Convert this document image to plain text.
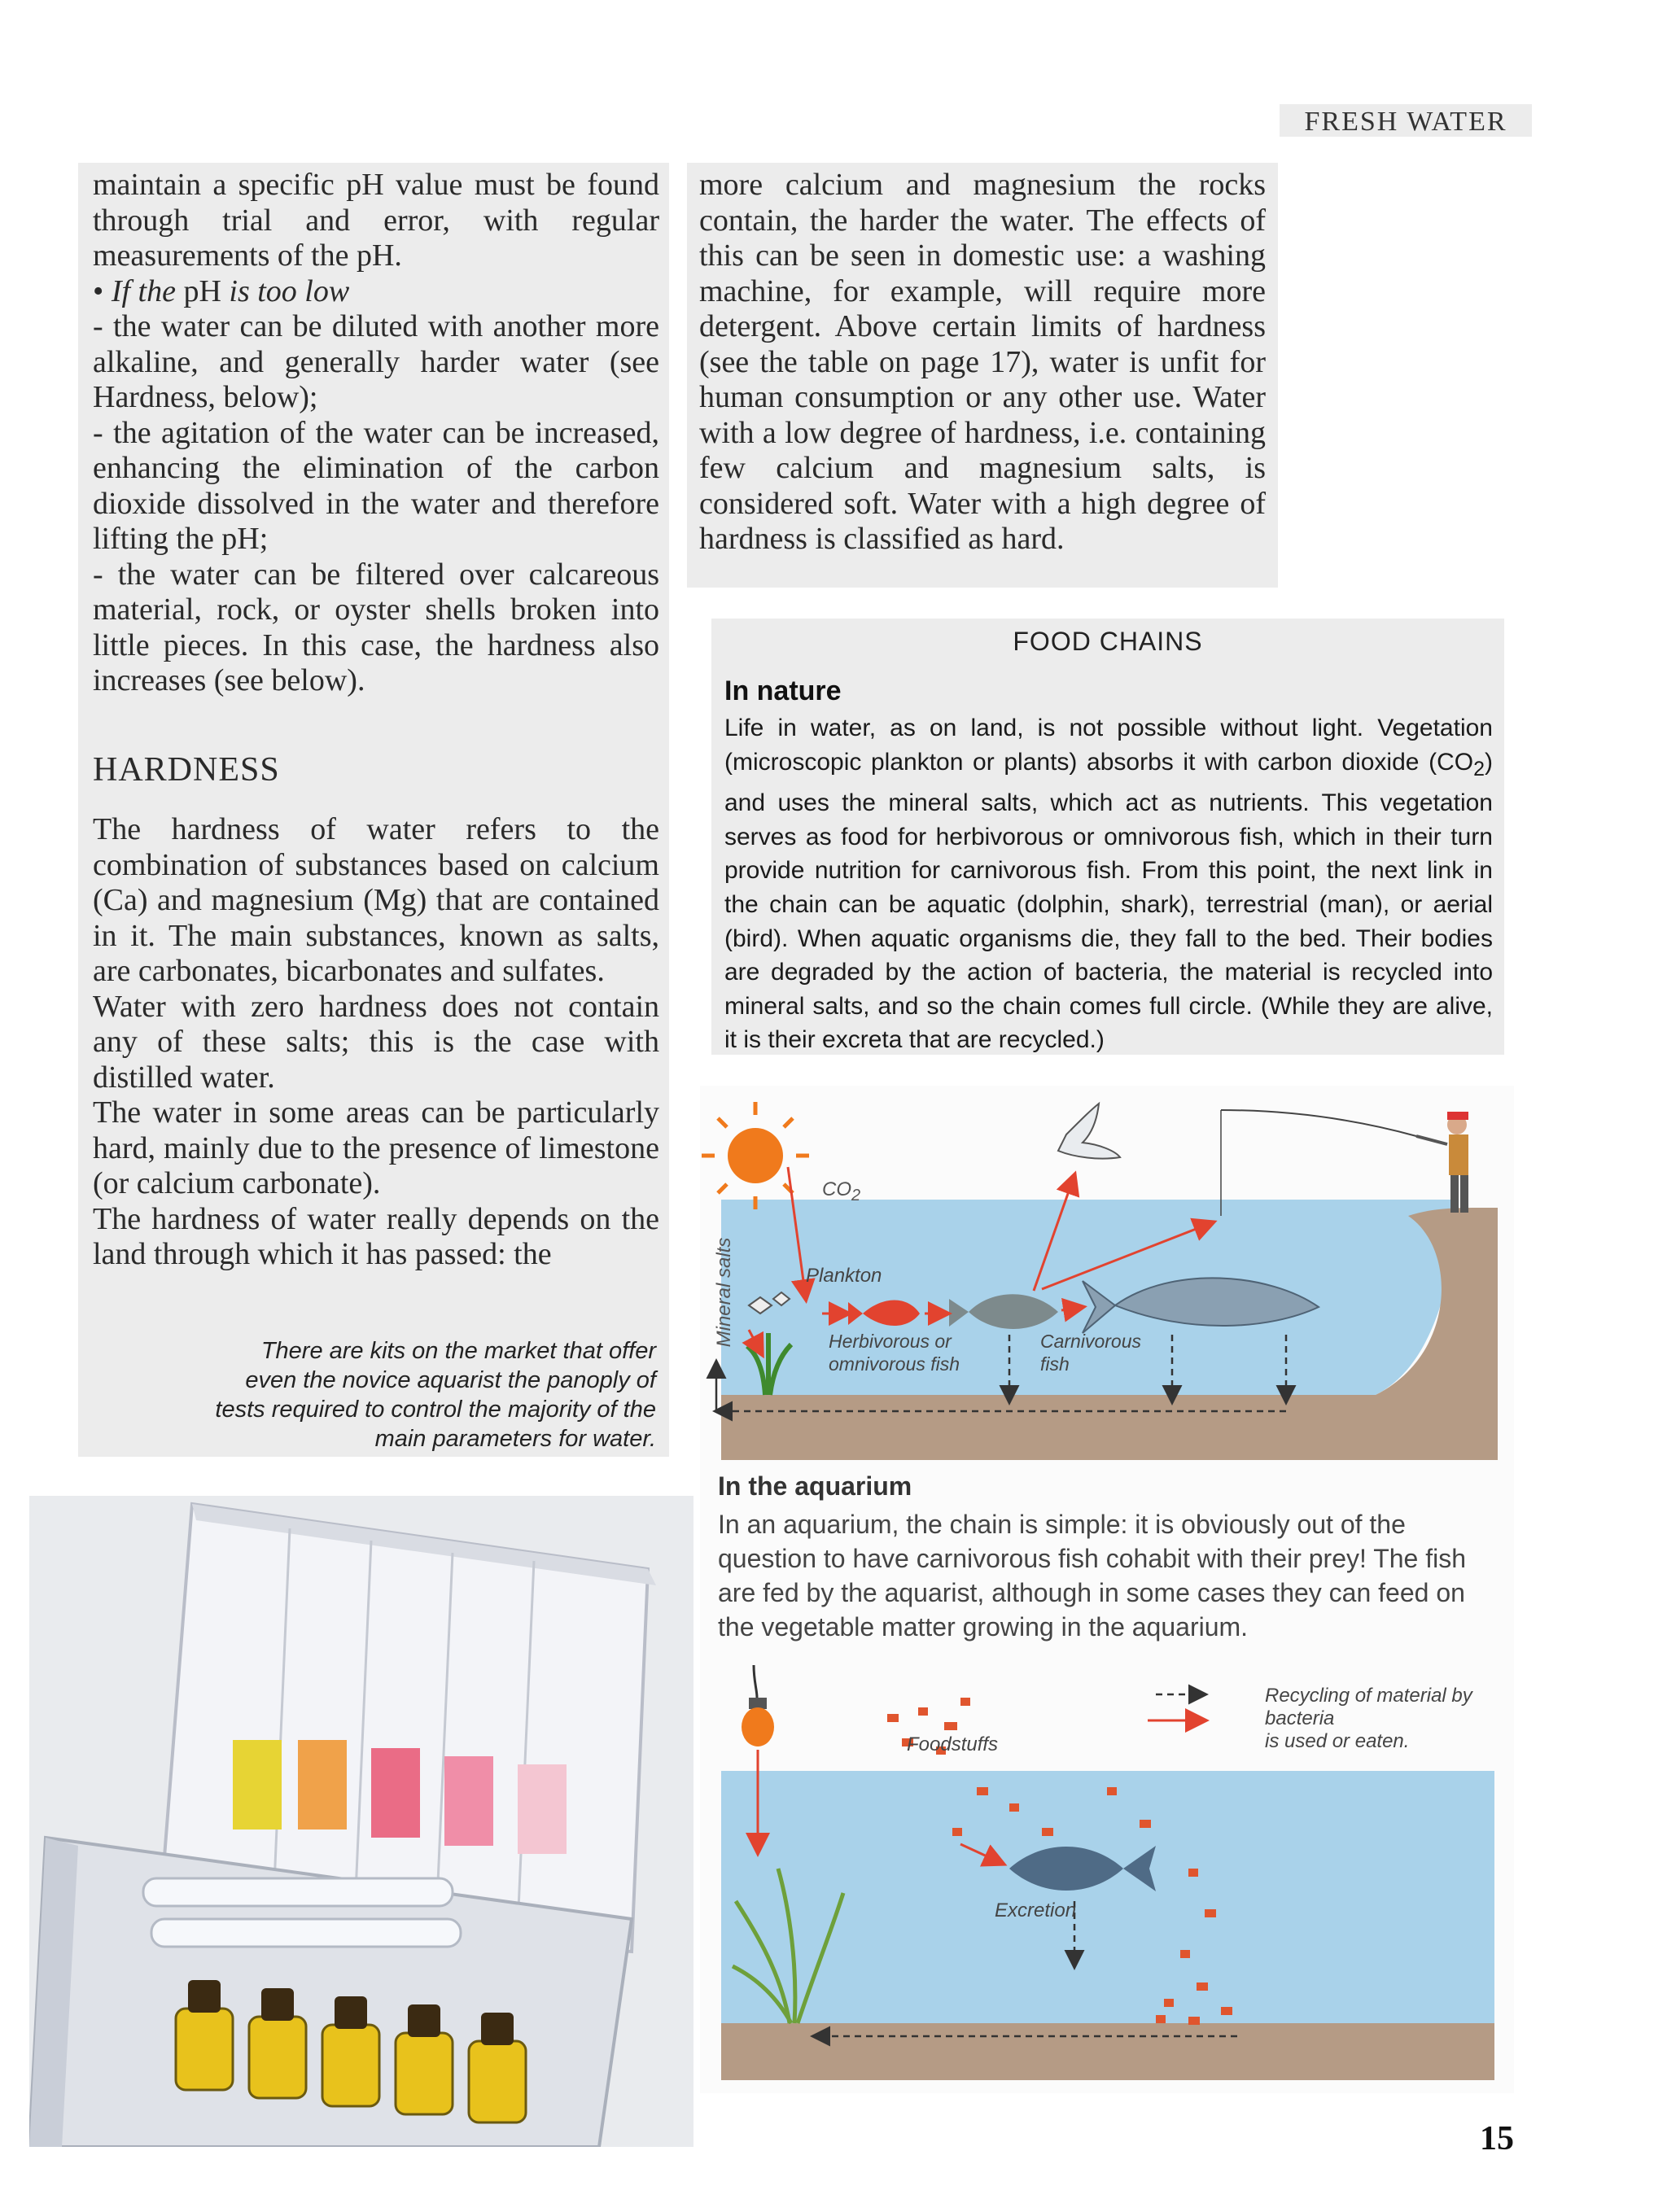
FRESH WATER

maintain a specific pH value must be found through trial and error, with regular measurements of the pH.

• If the pH is too low

- the water can be diluted with another more alkaline, and generally harder water (see Hardness, below);

- the agitation of the water can be increased, enhancing the elimination of the carbon dioxide dissolved in the water and therefore lifting the pH;

- the water can be filtered over calcareous material, rock, or oyster shells broken into little pieces. In this case, the hardness also increases (see below).

HARDNESS

The hardness of water refers to the combination of substances based on calcium (Ca) and magnesium (Mg) that are contained in it. The main substances, known as salts, are carbonates, bicarbonates and sulfates.

Water with zero hardness does not contain any of these salts; this is the case with distilled water.

The water in some areas can be particularly hard, mainly due to the presence of limestone (or calcium carbonate).

The hardness of water really depends on the land through which it has passed: the

There are kits on the market that offer even the novice aquarist the panoply of tests required to control the majority of the main parameters for water.
more calcium and magnesium the rocks contain, the harder the water. The effects of this can be seen in domestic use: a washing machine, for example, will require more detergent. Above certain limits of hardness (see the table on page 17), water is unfit for human consumption or any other use. Water with a low degree of hardness, i.e. containing few calcium and magnesium salts, is considered soft. Water with a high degree of hardness is classified as hard.
FOOD CHAINS
In nature
Life in water, as on land, is not possible without light. Vegetation (microscopic plankton or plants) absorbs it with carbon dioxide $(CO_2)$ and uses the mineral salts, which act as nutrients. This vegetation serves as food for herbivorous or omnivorous fish, which in their turn provide nutrition for carnivorous fish. From this point, the next link in the chain can be aquatic (dolphin, shark), terrestrial (man), or aerial (bird). When aquatic organisms die, they fall to the bed. Their bodies are degraded by the action of bacteria, the material is recycled into mineral salts, and so the chain comes full circle. (While they are alive, it is their excreta that are recycled.)
$CO_2$
Mineral salts	Plankton
Herbivorous or
omnivorous fish
Carnivorous
fish
In the aquarium
In an aquarium, the chain is simple: it is obviously out of the question to have carnivorous fish cohabit with their prey! The fish are fed by the aquarist, although in some cases they can feed on the vegetable matter growing in the aquarium.
Foodstuffs
Excretion
Recycling of material by
bacteria
is used or eaten.
15
